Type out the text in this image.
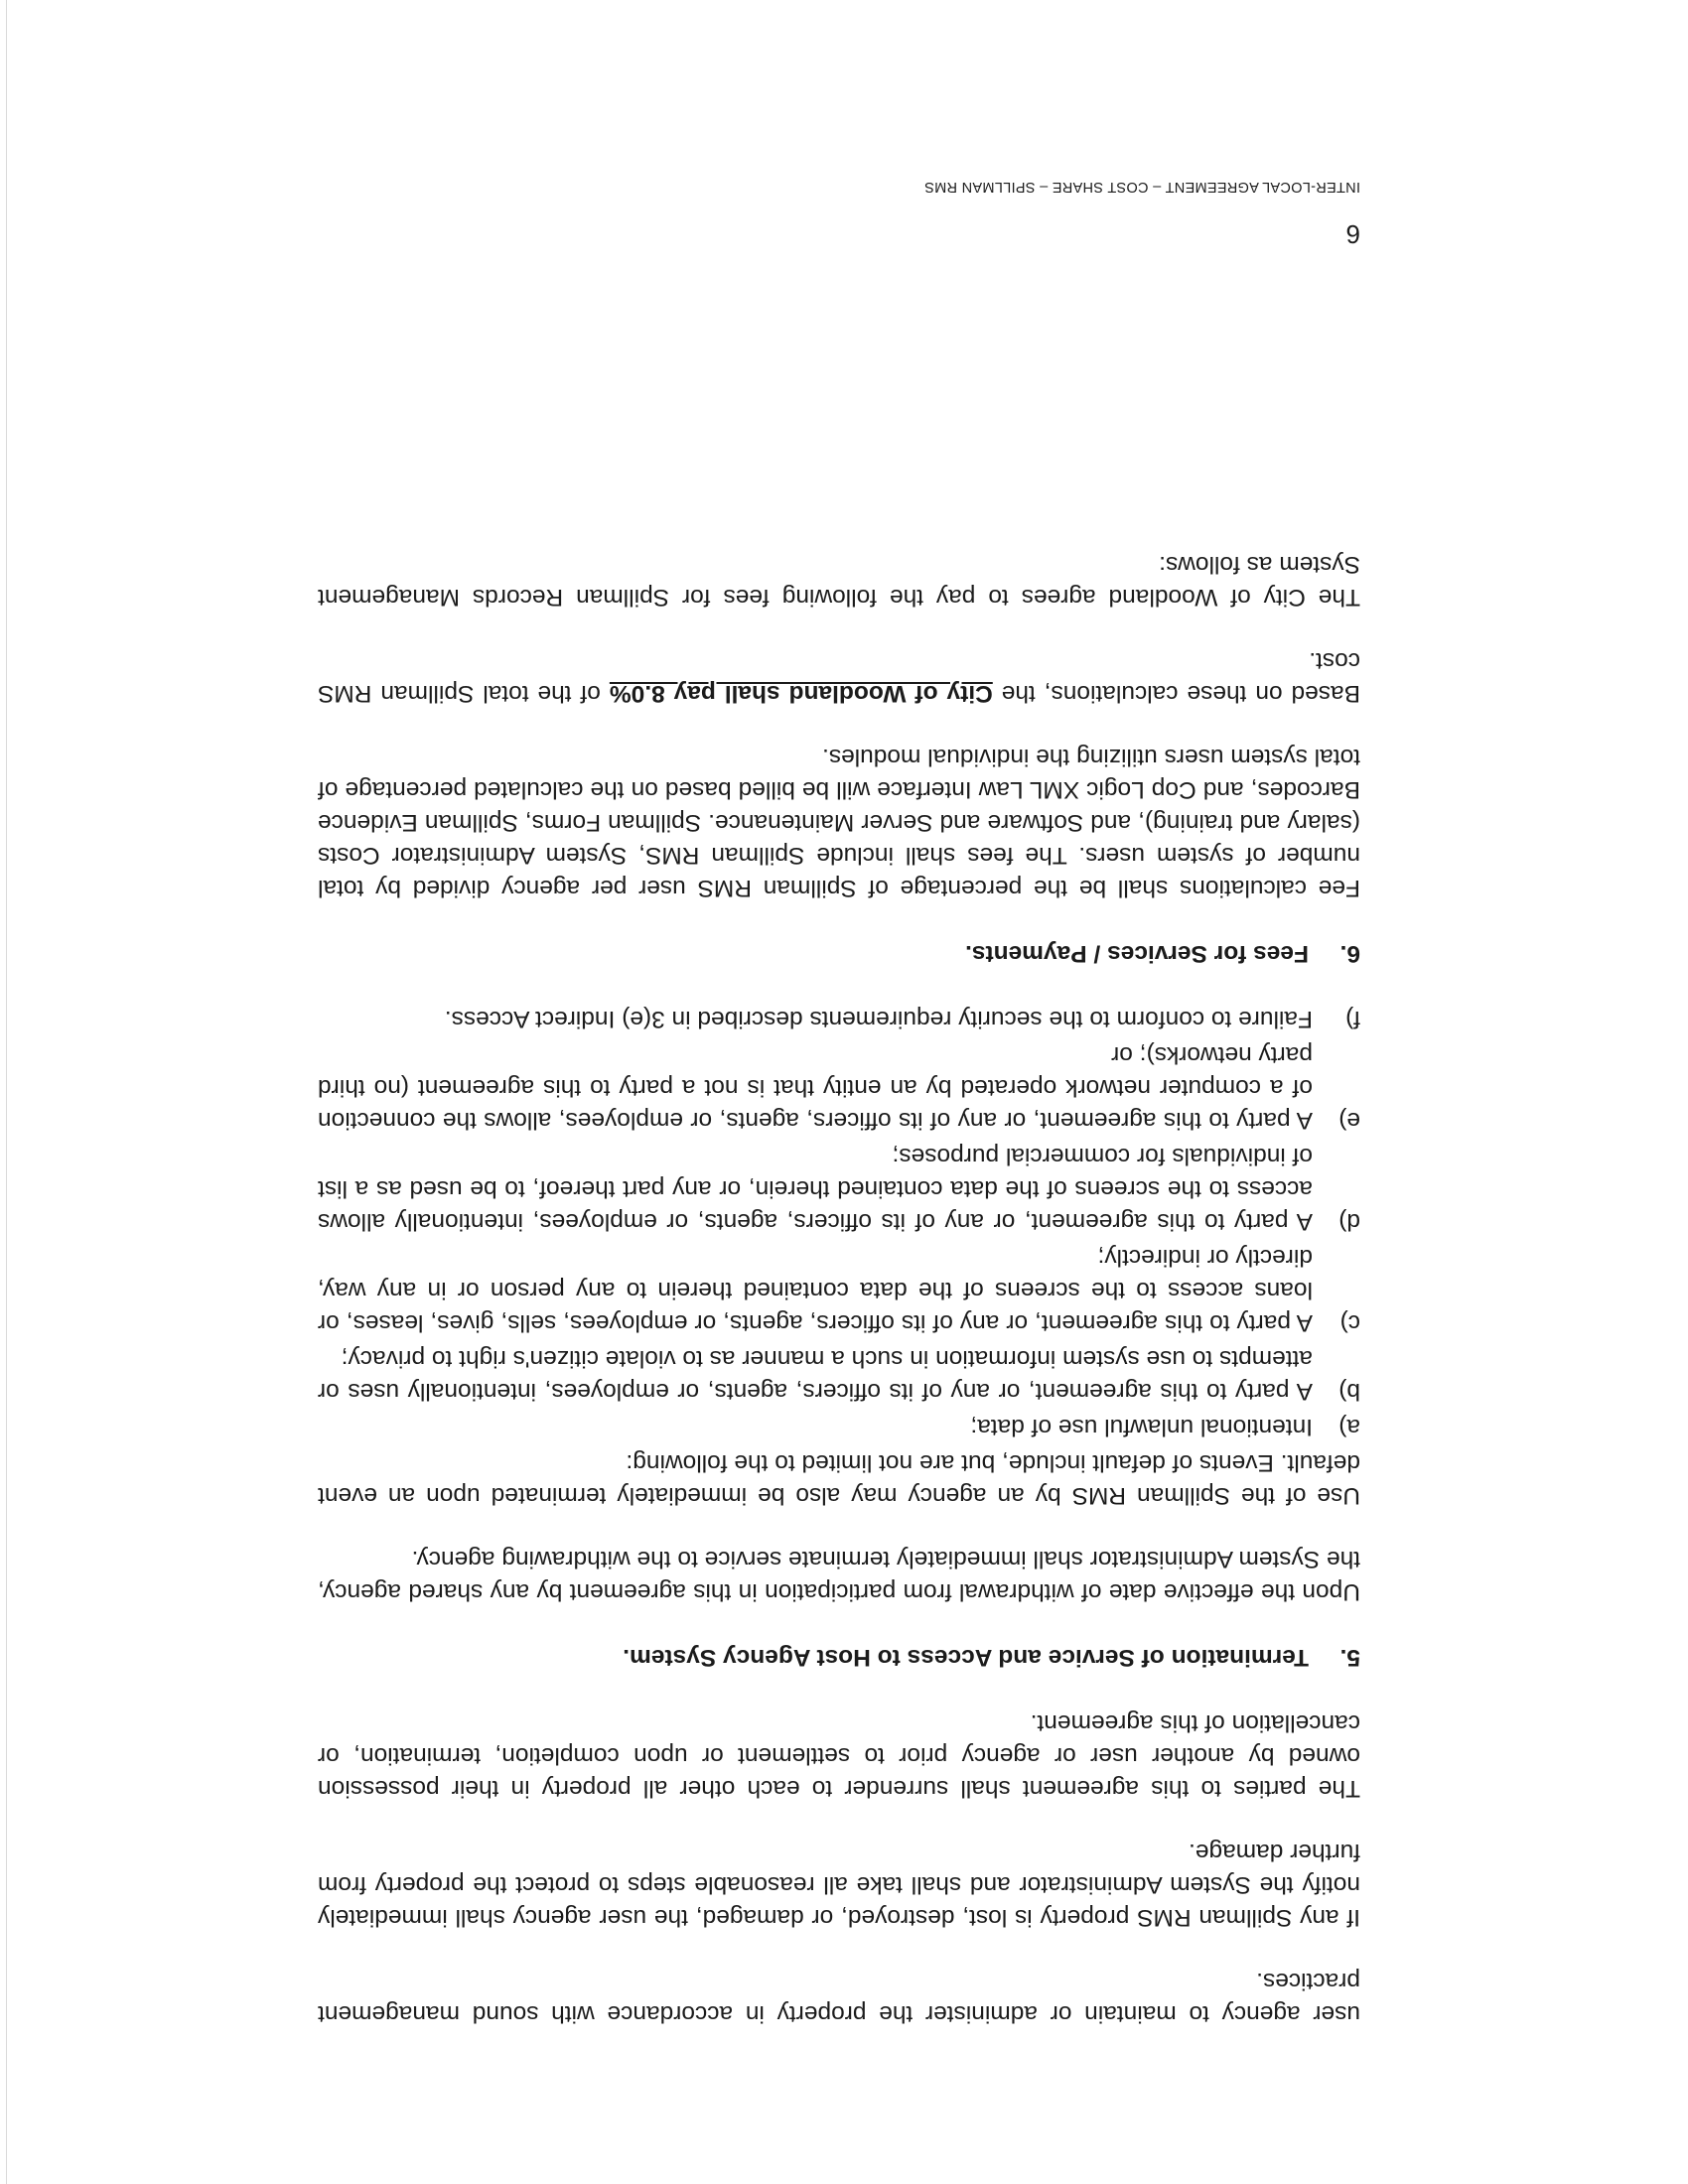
user agency to maintain or administer the property in accordance with sound management practices.

If any Spillman RMS property is lost, destroyed, or damaged, the user agency shall immediately notify the System Administrator and shall take all reasonable steps to protect the property from further damage.

The parties to this agreement shall surrender to each other all property in their possession owned by another user or agency prior to settlement or upon completion, termination, or cancellation of this agreement.

5.
Termination of Service and Access to Host Agency System.

Upon the effective date of withdrawal from participation in this agreement by any shared agency, the System Administrator shall immediately terminate service to the withdrawing agency.

Use of the Spillman RMS by an agency may also be immediately terminated upon an event default. Events of default include, but are not limited to the following:

a)
Intentional unlawful use of data;
b)
A party to this agreement, or any of its officers, agents, or employees, intentionally uses or attempts to use system information in such a manner as to violate citizen's right to privacy;
c)
A party to this agreement, or any of its officers, agents, or employees, sells, gives, leases, or loans access to the screens of the data contained therein to any person or in any way, directly or indirectly;
d)
A party to this agreement, or any of its officers, agents, or employees, intentionally allows access to the screens of the data contained therein, or any part thereof, to be used as a list of individuals for commercial purposes;
e)
A party to this agreement, or any of its officers, agents, or employees, allows the connection of a computer network operated by an entity that is not a party to this agreement (no third party networks); or
f)
Failure to conform to the security requirements described in 3(e) Indirect Access.
6.
Fees for Services / Payments.

Fee calculations shall be the percentage of Spillman RMS user per agency divided by total number of system users. The fees shall include Spillman RMS, System Administrator Costs (salary and training), and Software and Server Maintenance. Spillman Forms, Spillman Evidence Barcodes, and Cop Logic XML Law Interface will be billed based on the calculated percentage of total system users utilizing the individual modules.

Based on these calculations, the City of Woodland shall pay 8.0% of the total Spillman RMS cost.

The City of Woodland agrees to pay the following fees for Spillman Records Management System as follows:

6
INTER-LOCAL AGREEMENT – COST SHARE – SPILLMAN RMS
